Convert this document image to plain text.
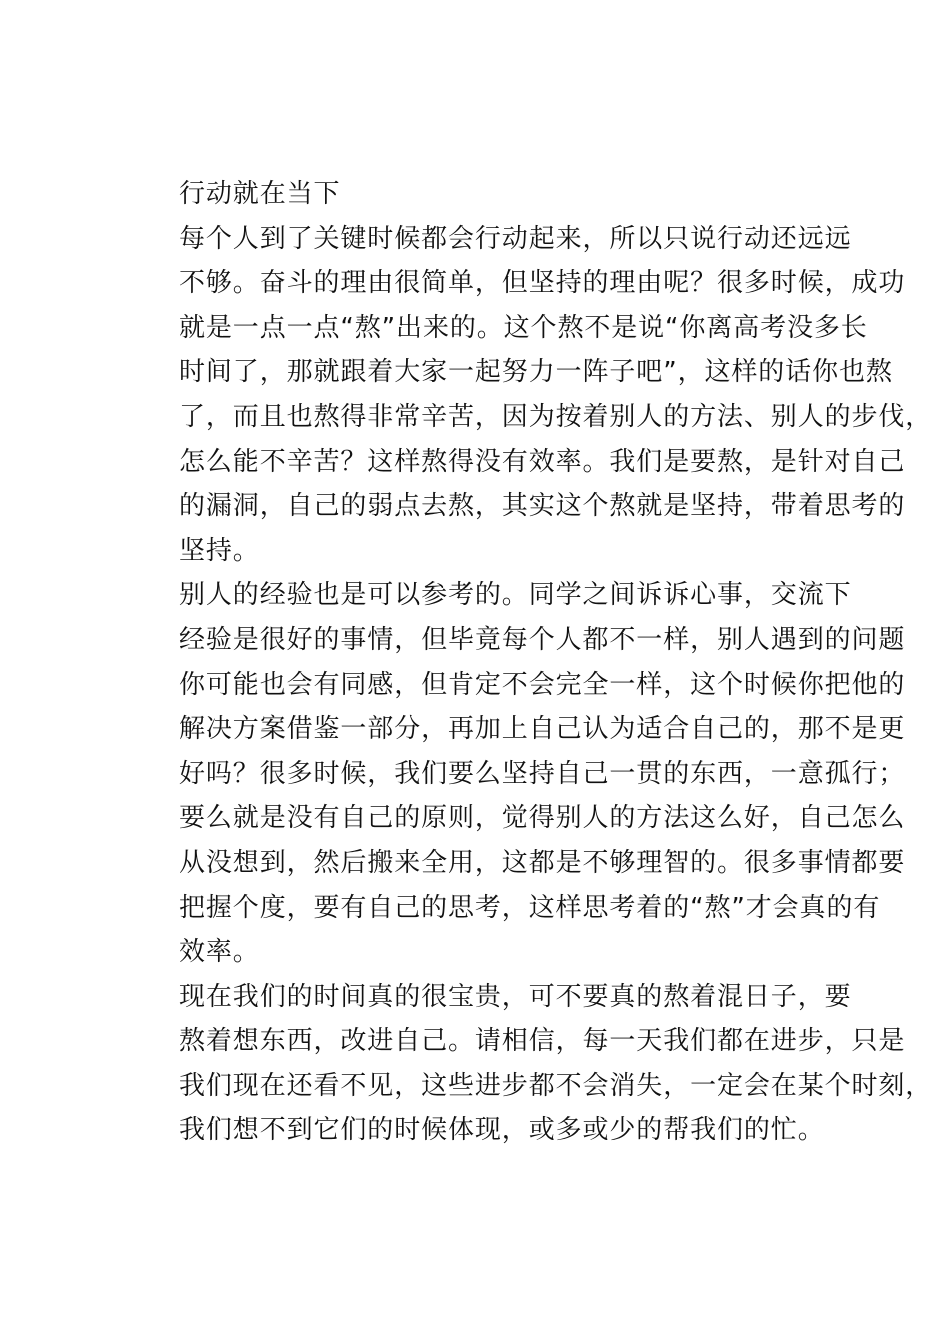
行动就在当下

每个人到了关键时候都会行动起来，所以只说行动还远远
不够。奋斗的理由很简单，但坚持的理由呢？很多时候，成功
就是一点一点“熬”出来的。这个熬不是说“你离高考没多长
时间了，那就跟着大家一起努力一阵子吧”，这样的话你也熬
了，而且也熬得非常辛苦，因为按着别人的方法、别人的步伐，
怎么能不辛苦？这样熬得没有效率。我们是要熬，是针对自己
的漏洞，自己的弱点去熬，其实这个熬就是坚持，带着思考的
坚持。

别人的经验也是可以参考的。同学之间诉诉心事，交流下
经验是很好的事情，但毕竟每个人都不一样，别人遇到的问题
你可能也会有同感，但肯定不会完全一样，这个时候你把他的
解决方案借鉴一部分，再加上自己认为适合自己的，那不是更
好吗？很多时候，我们要么坚持自己一贯的东西，一意孤行；
要么就是没有自己的原则，觉得别人的方法这么好，自己怎么
从没想到，然后搬来全用，这都是不够理智的。很多事情都要
把握个度，要有自己的思考，这样思考着的“熬”才会真的有
效率。

现在我们的时间真的很宝贵，可不要真的熬着混日子，要
熬着想东西，改进自己。请相信，每一天我们都在进步，只是
我们现在还看不见，这些进步都不会消失，一定会在某个时刻，
我们想不到它们的时候体现，或多或少的帮我们的忙。
